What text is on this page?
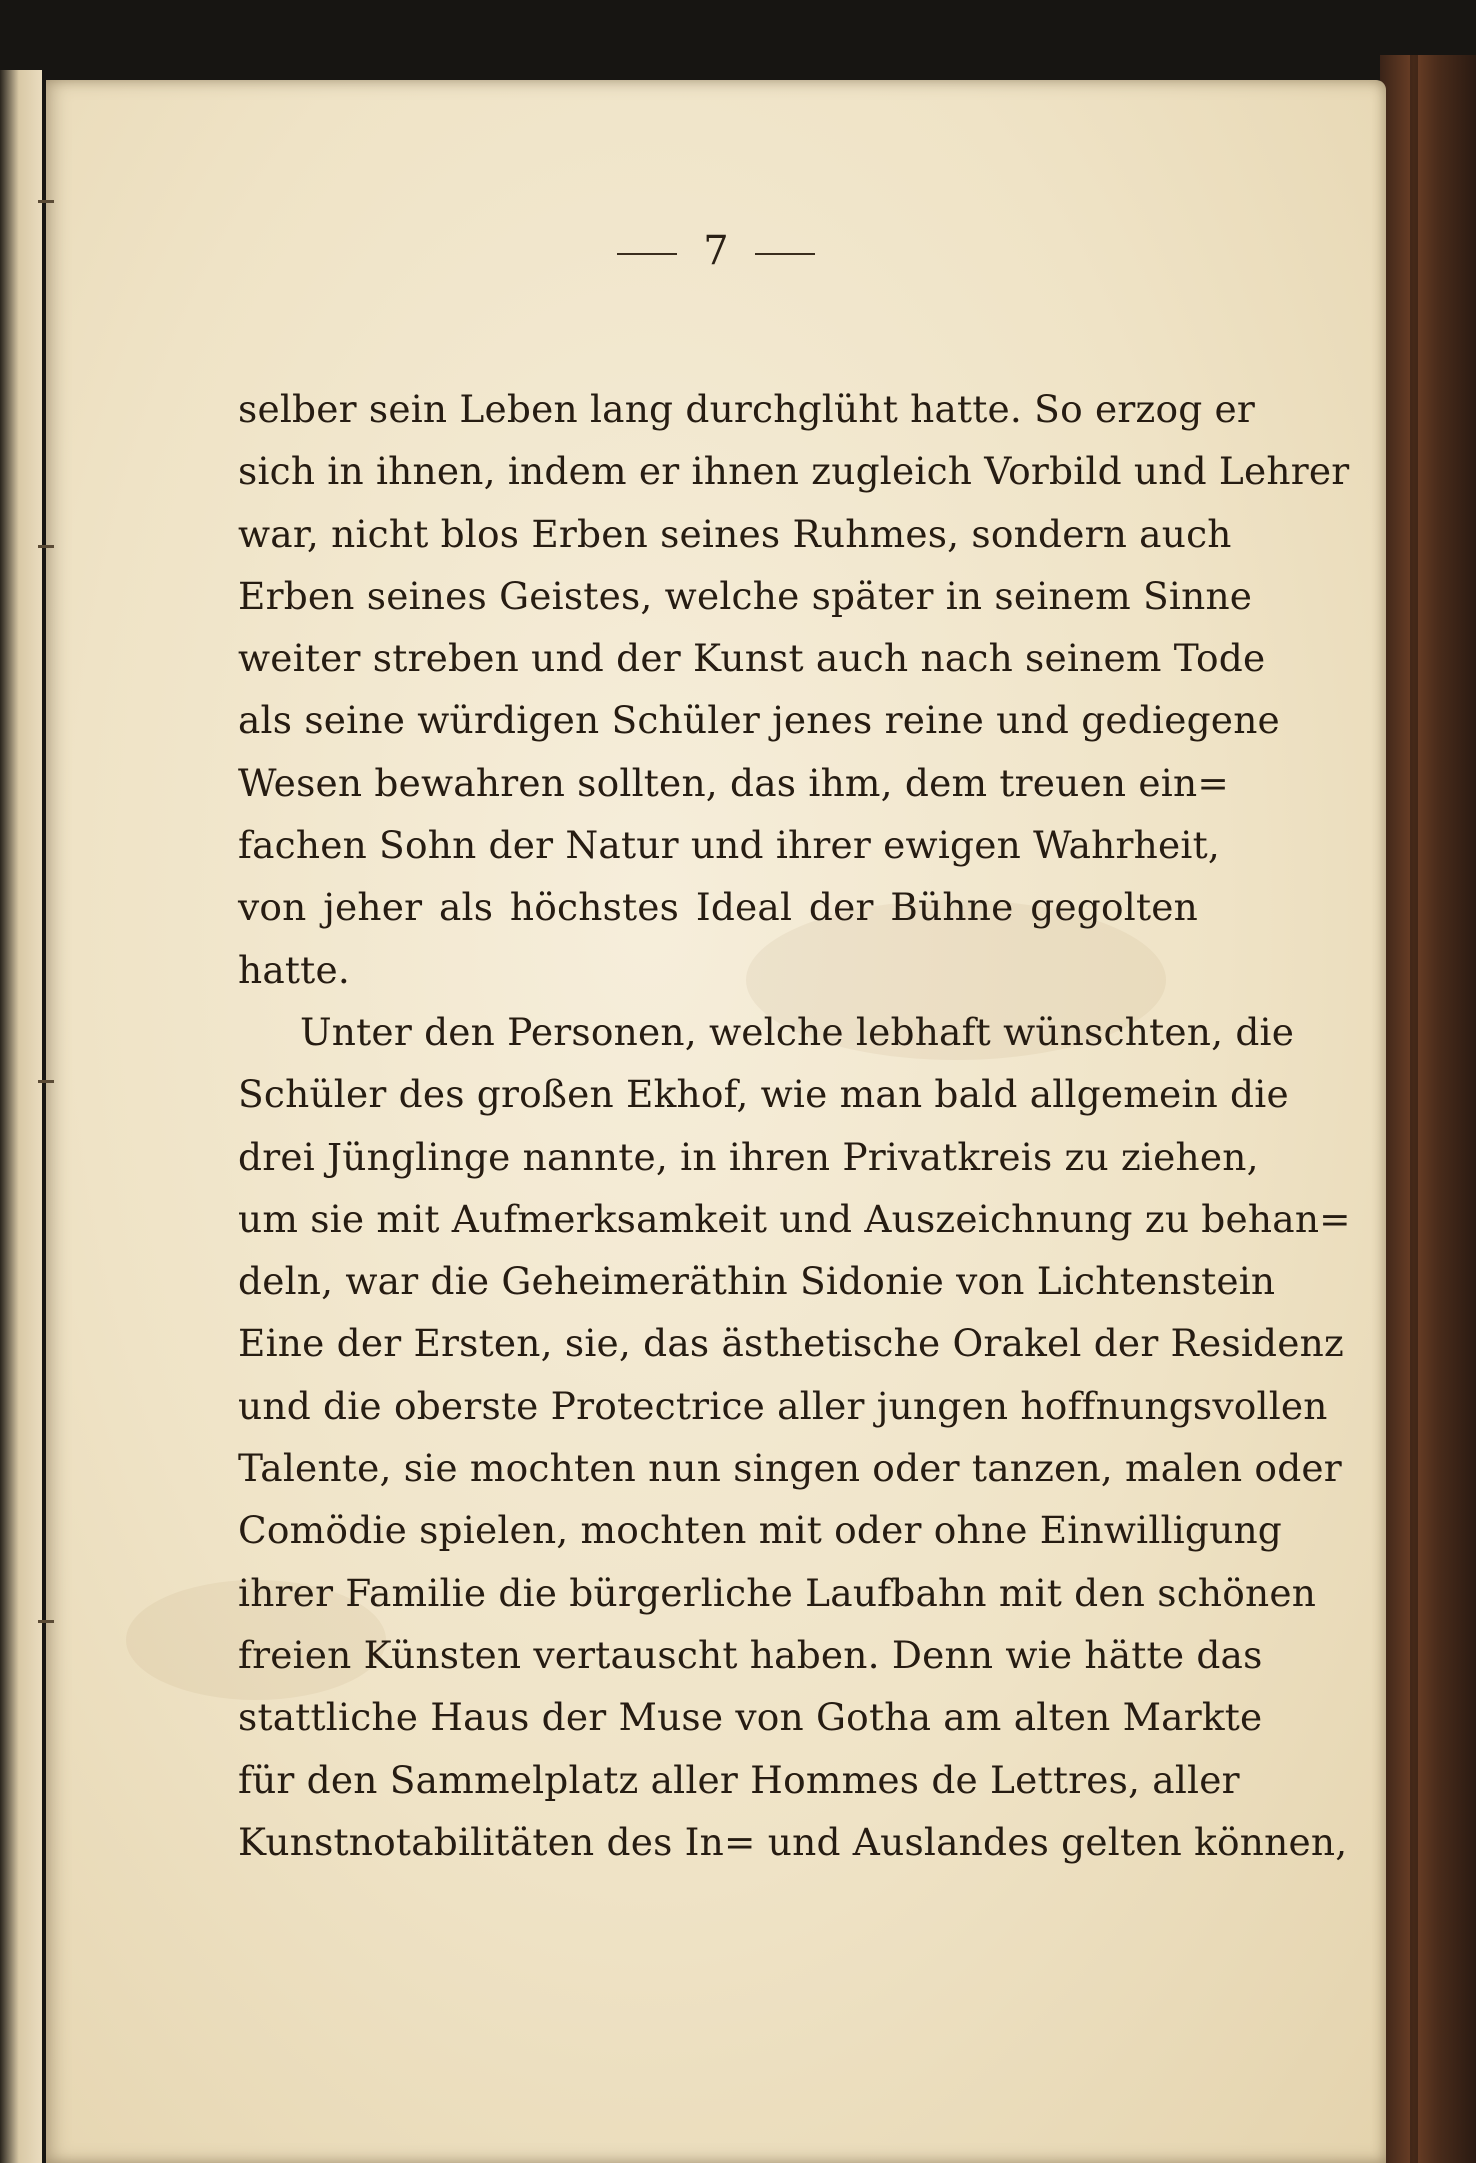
7
selber sein Leben lang durchglüht hatte. So erzog er
sich in ihnen, indem er ihnen zugleich Vorbild und Lehrer
war, nicht blos Erben seines Ruhmes, sondern auch
Erben seines Geistes, welche später in seinem Sinne
weiter streben und der Kunst auch nach seinem Tode
als seine würdigen Schüler jenes reine und gediegene
Wesen bewahren sollten, das ihm, dem treuen ein=
fachen Sohn der Natur und ihrer ewigen Wahrheit,
von jeher als höchstes Ideal der Bühne gegolten
hatte.
Unter den Personen, welche lebhaft wünschten, die
Schüler des großen Ekhof, wie man bald allgemein die
drei Jünglinge nannte, in ihren Privatkreis zu ziehen,
um sie mit Aufmerksamkeit und Auszeichnung zu behan=
deln, war die Geheimeräthin Sidonie von Lichtenstein
Eine der Ersten, sie, das ästhetische Orakel der Residenz
und die oberste Protectrice aller jungen hoffnungsvollen
Talente, sie mochten nun singen oder tanzen, malen oder
Comödie spielen, mochten mit oder ohne Einwilligung
ihrer Familie die bürgerliche Laufbahn mit den schönen
freien Künsten vertauscht haben. Denn wie hätte das
stattliche Haus der Muse von Gotha am alten Markte
für den Sammelplatz aller Hommes de Lettres, aller
Kunstnotabilitäten des In= und Auslandes gelten können,
